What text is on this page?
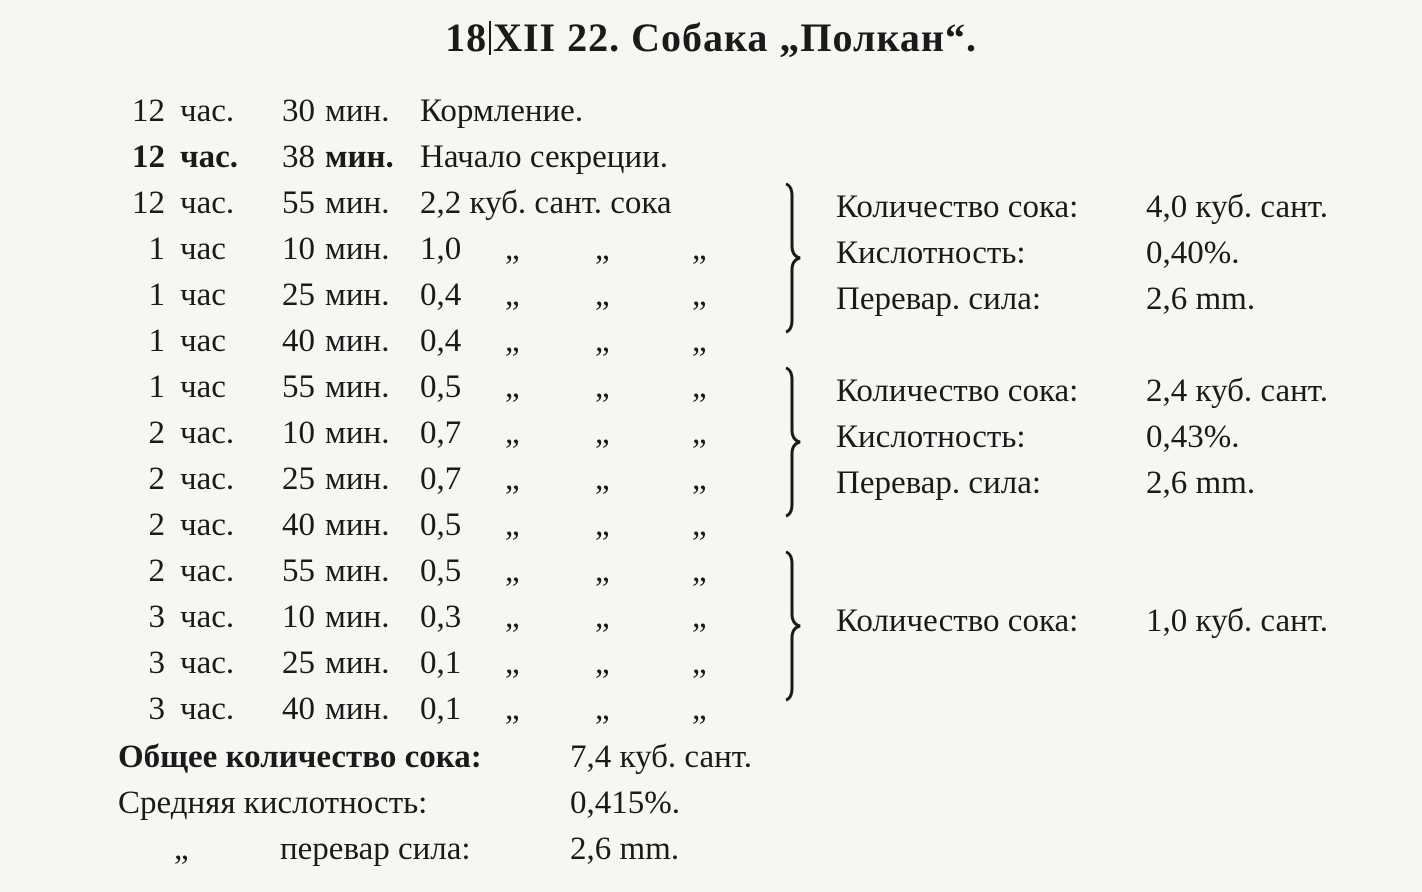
18 XII 22. Собака „Полкан“.
12 час.	30 мин. Кормление.
12 час.	38 мин. Начало секреции.
12 час.	55 мин. 2,2 куб. сант. сока
1 час	10 мин. 1,0 „ „ „
1 час	25 мин. 0,4 „ „ „
1 час	40 мин. 0,4 „ „ „
1 час	55 мин. 0,5 „ „ „
2 час.	10 мин. 0,7 „ „ „
2 час.	25 мин. 0,7 „ „ „
2 час.	40 мин. 0,5 „ „ „
2 час.	55 мин. 0,5 „ „ „
3 час.	10 мин. 0,3 „ „ „
3 час.	25 мин. 0,1 „ „ „
3 час.	40 мин. 0,1 „ „ „
Количество сока: 4,0 куб. сант.
Кислотность:	0,40%.
Перевар. сила:	2,6 mm.
Количество сока: 2,4 куб. сант.
Кислотность:	0,43%.
Перевар. сила:	2,6 mm.
Количество сока: 1,0 куб. сант.
Общее количество сока:	7,4 куб. сант.
Средняя кислотность:	0,415%.
„	перевар сила:	2,6 mm.
